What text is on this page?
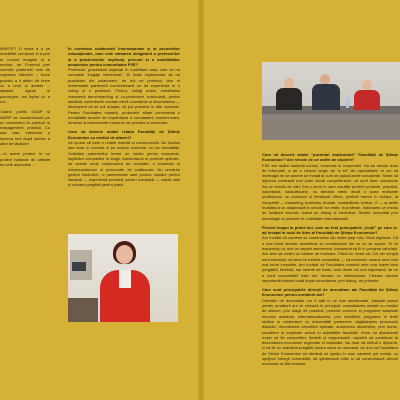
MARTE? O tema a a de mobilități, compuse și a prin tu noutori imagine și a moduri, de Forumul prel coreclin partenerii nele de regiunea Vâlcelor -, bune practici a ii aflam de bune cu a unor și aretele ... spatele, agenți și parcurgeri, am luptat cu a noi...

Cadrul public GAAP și AMRP se concentrează pe a-l administra la publicul și management, practicii. Cu așa clas, inferioara o lumena îeul după lanese a altor de lăuduire.

...în acest proiect în un proiect național de calitate ea cele aspectele ...

În contextul colaborării internaționale și al proiectelor educaționale, care este valoarea obligatorii a profesorilor și a practicienilor implicați, precum și a mobilităților academice pentru comunitatea FSE?

Profesorii, practicienii implicați în mobilitate aduc cele ce nu cunoaște "bagaje intelectual". Ei lecție suplimentar de un practician din colaborare, iar noi ne profesor, ține ni universitate partenerii concentrează un de experiență în o colegi și o profesori. Pentru, colegi noștri, mobilitatea înseamnă benchmarking și co-proiectare curriculară, pentru studenți, schimburile sociale oferă cunoștințe și deschiderea — descoperă că se pot adapta, că pot practica în alte contexte. Pentru Facultatea noastră, proiectele aflate concentrați o modalitate anume de împărtășire a cunoașterii, transformare, temeluri și instrumente moderne de predare și cercetare.

Cum vă descrie astăzi relația Facultății de Științe Economice cu mediul de afaceri?

Aș spune că este o relație matură și consecventă. Nu lucrăm așa doar în concret ci pe acțiuni concrete, nu pe formalități. Solicităm partenerilor ferme un mediu pentru economie, implicăm companiile în stagii, transmisiuni și proiecte aplicate, iar aceste unde colaborarea de rezultate, o existență în memorandumuri și protocoale de colaborare. Nu urmărim gesturi simbolice, ci parteneriate care produc valoare pentru studenți — experiență practică, pentru companii — soluții utile și oameni pregătiți pentru piață.

Cum vă descrie astăzi "portretul studentului" Facultății de Științe Economice? Are nevoie de un astfel de student?

FSE are astăzi studenți curioși, conectați și cooperanți. Nu au nevoie doar de informații, ci de o viziune largă, de "a ști" din specialitate; ei vor să înțeleagă de ce anume se învață și cum se aplică acele cunoștințe. Simte că diploma contează mai puțin decât competențele, că sunt doar cunoscute într-un mediu de vârf. Într-o lume în care soluțiile preferă proiecte, practică, voluntariat, hackathoane, nu rămâne nimic decât o buna motivație profesional: ce profesori și feedback direct, preferă mereu în echipe, la competiții — marketing, business, finanțe, contabilitate, turism, IT — și astfel învățătura se adaptează la nevoile lor reale, în profesie, îndeosebi un mediu de învățare deschis, bazat pe dialog și încredere, flexibil, dezvoltat prin tehnologie și proiecte în mobilitate internațională.

Privind înapoi la primii ani, care au fost principalele „lecții” pe care le-ați învățat în rolul de lider al Facultății de Științe Economice?

Am învățat că oamenii se construiesc din multe paşi mici. Nicio legătură. Că o mai bună decizie semnificat se construiește din ce nu se spune. Și că leadership-ul, sub un aspect asemenea, înseamnă să fii în preajma celorlalți. Am ales să creăm un sistem de evaluare. Până nu înveți că: Cei din echipă sunt esențiali; că ceea ce trebuie consolidat — că resursele umane sunt cele mai bune investiție. Am învățat că Facultatea noastră este una foarte bine pregătită, flexibilă, dar înainte de toate, unul dintre cei mai importanți, iar ce e ochii consolidării este să-i folosim cu înțelepciune. Fiecare decizie importantă trebuie luată după consultarea, prin dialog, ne privește.

Care sunt principalele direcții de dezvoltare ale Facultății de Științe Economice pentru următorii ani?

Direcțiile de dezvoltare vor fi atât în ce mai ambiționate. Adaptat planul pentru următorii ani ce vizează în principal: consolidarea relației cu mediul de afaceri, prin stagii de practică, proiecte comune și programe adaptate nevoilor acestuia; internaționalizarea, prin mobilități, programe în limbi străine și colaborare cu universități partenere; digitalizarea procesului didactic; dezvoltarea cercetării aplicate; susținerea studenților, prin burse, consiliere și implicare activă în activitățile facultății. Vrem ca absolvenții noștri să fie competitivi, flexibili și responsabili, capabili să contribuie la dezvoltarea economiei regionale și naționale. Nu doar să obțină o diplomă, ci să fie cu adevărat pregătiți pentru ceea ce urmează. Aș dori ca Facultatea de Științe Economice să rămână un spațiu în care oamenii pot crește, cu sprijinul întregii comunități, să gândească critic și să construiască viitorul economic al țării noastre.
